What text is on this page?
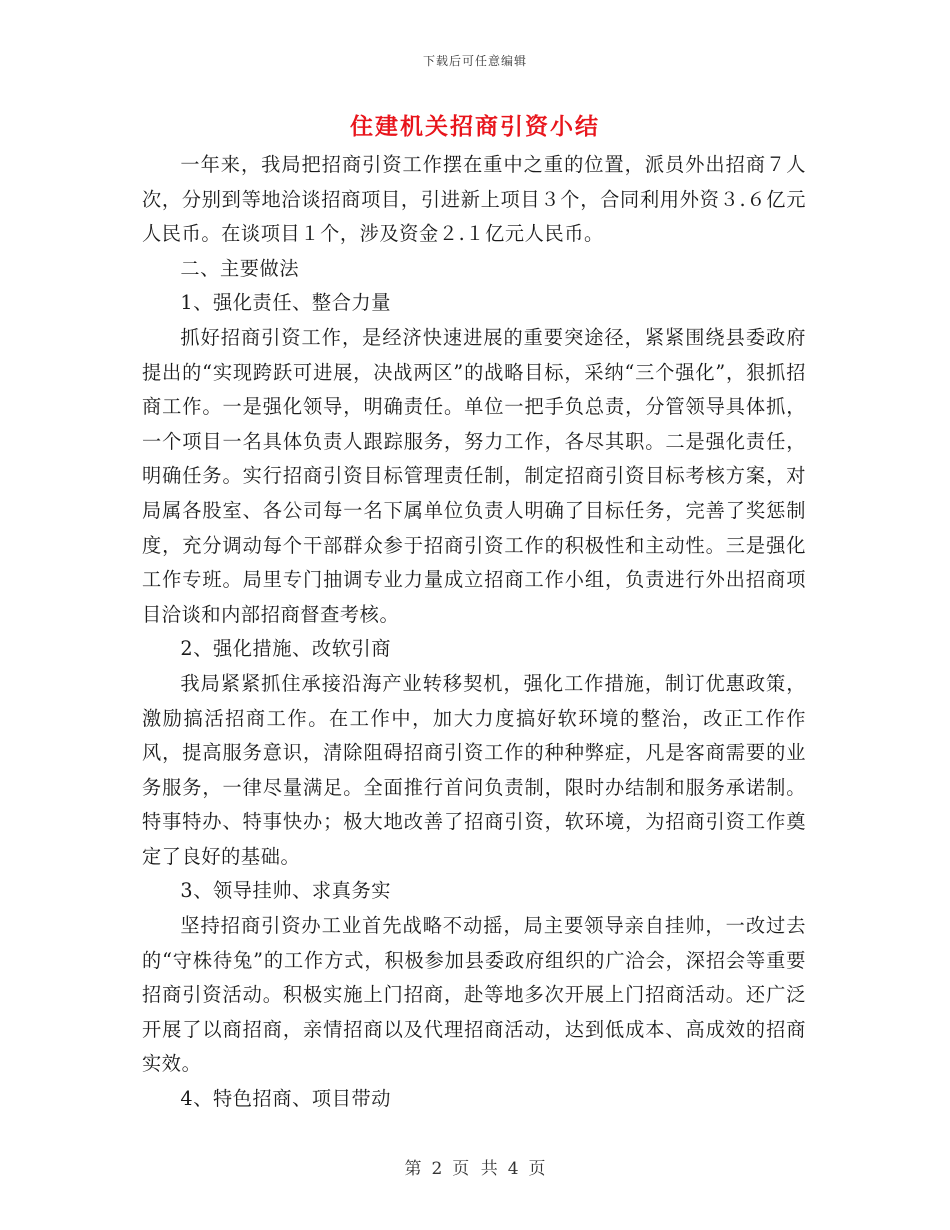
下载后可任意编辑
住建机关招商引资小结

一年来，我局把招商引资工作摆在重中之重的位置，派员外出招商７人次，分别到等地洽谈招商项目，引进新上项目３个，合同利用外资３.６亿元人民币。在谈项目１个，涉及资金２.１亿元人民币。

二、主要做法

1、强化责任、整合力量

抓好招商引资工作，是经济快速进展的重要突途径，紧紧围绕县委政府提出的“实现跨跃可进展，决战两区”的战略目标，采纳“三个强化”，狠抓招商工作。一是强化领导，明确责任。单位一把手负总责，分管领导具体抓，一个项目一名具体负责人跟踪服务，努力工作，各尽其职。二是强化责任，明确任务。实行招商引资目标管理责任制，制定招商引资目标考核方案，对局属各股室、各公司每一名下属单位负责人明确了目标任务，完善了奖惩制度，充分调动每个干部群众参于招商引资工作的积极性和主动性。三是强化工作专班。局里专门抽调专业力量成立招商工作小组，负责进行外出招商项目洽谈和内部招商督查考核。

2、强化措施、改软引商

我局紧紧抓住承接沿海产业转移契机，强化工作措施，制订优惠政策，激励搞活招商工作。在工作中，加大力度搞好软环境的整治，改正工作作风，提高服务意识，清除阻碍招商引资工作的种种弊症，凡是客商需要的业务服务，一律尽量满足。全面推行首问负责制，限时办结制和服务承诺制。特事特办、特事快办；极大地改善了招商引资，软环境，为招商引资工作奠定了良好的基础。

3、领导挂帅、求真务实

坚持招商引资办工业首先战略不动摇，局主要领导亲自挂帅，一改过去的“守株待兔”的工作方式，积极参加县委政府组织的广洽会，深招会等重要招商引资活动。积极实施上门招商，赴等地多次开展上门招商活动。还广泛开展了以商招商，亲情招商以及代理招商活动，达到低成本、高成效的招商实效。

4、特色招商、项目带动

第 2 页 共 4 页
